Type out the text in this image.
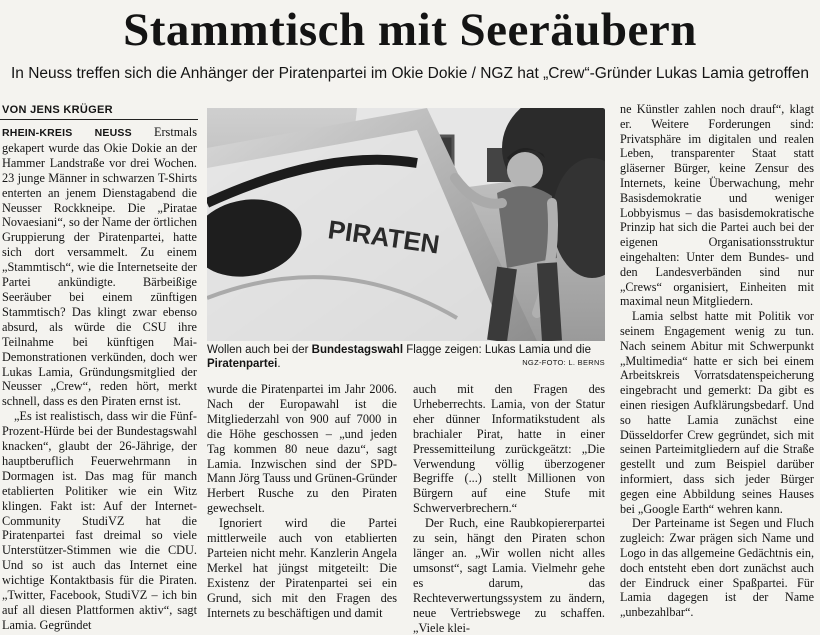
Stammtisch mit Seeräubern

In Neuss treffen sich die Anhänger der Piratenpartei im Okie Dokie / NGZ hat „Crew“-Gründer Lukas Lamia getroffen

VON JENS KRÜGER

RHEIN-KREIS NEUSS Erstmals gekapert wurde das Okie Dokie an der Hammer Landstraße vor drei Wochen. 23 junge Männer in schwarzen T-Shirts enterten an jenem Dienstagabend die Neusser Rockkneipe. Die „Piratae Novaesiani“, so der Name der örtlichen Gruppierung der Piratenpartei, hatte sich dort versammelt. Zu einem „Stammtisch“, wie die Internetseite der Partei ankündigte. Bärbeißige Seeräuber bei einem zünftigen Stammtisch? Das klingt zwar ebenso absurd, als würde die CSU ihre Teilnahme bei künftigen Mai-Demonstrationen verkünden, doch wer Lukas Lamia, Gründungsmitglied der Neusser „Crew“, reden hört, merkt schnell, dass es den Piraten ernst ist.

„Es ist realistisch, dass wir die Fünf-Prozent-Hürde bei der Bundestagswahl knacken“, glaubt der 26-Jährige, der hauptberuflich Feuerwehrmann in Dormagen ist. Das mag für manch etablierten Politiker wie ein Witz klingen. Fakt ist: Auf der Internet-Community StudiVZ hat die Piratenpartei fast dreimal so viele Unterstützer-Stimmen wie die CDU. Und so ist auch das Internet eine wichtige Kontaktbasis für die Piraten. „Twitter, Facebook, StudiVZ – ich bin auf all diesen Plattformen aktiv“, sagt Lamia. Gegründet

PIRATEN
Wollen auch bei der Bundestagswahl Flagge zeigen: Lukas Lamia und die Piratenpartei.	NGZ-FOTO: L. BERNS

wurde die Piratenpartei im Jahr 2006. Nach der Europawahl ist die Mitgliederzahl von 900 auf 7000 in die Höhe geschossen – „und jeden Tag kommen 80 neue dazu“, sagt Lamia. Inzwischen sind der SPD-Mann Jörg Tauss und Grünen-Gründer Herbert Rusche zu den Piraten gewechselt.

Ignoriert wird die Partei mittlerweile auch von etablierten Parteien nicht mehr. Kanzlerin Angela Merkel hat jüngst mitgeteilt: Die Existenz der Piratenpartei sei ein Grund, sich mit den Fragen des Internets zu beschäftigen und damit

auch mit den Fragen des Urheberrechts. Lamia, von der Statur eher dünner Informatikstudent als brachialer Pirat, hatte in einer Pressemitteilung zurückgeätzt: „Die Verwendung völlig überzogener Begriffe (...) stellt Millionen von Bürgern auf eine Stufe mit Schwerverbrechern.“

Der Ruch, eine Raubkopiererpartei zu sein, hängt den Piraten schon länger an. „Wir wollen nicht alles umsonst“, sagt Lamia. Vielmehr gehe es darum, das Rechteverwertungssystem zu ändern, neue Vertriebswege zu schaffen. „Viele klei-

ne Künstler zahlen noch drauf“, klagt er. Weitere Forderungen sind: Privatsphäre im digitalen und realen Leben, transparenter Staat statt gläserner Bürger, keine Zensur des Internets, keine Überwachung, mehr Basisdemokratie und weniger Lobbyismus – das basisdemokratische Prinzip hat sich die Partei auch bei der eigenen Organisationsstruktur eingehalten: Unter dem Bundes- und den Landesverbänden sind nur „Crews“ organisiert, Einheiten mit maximal neun Mitgliedern.

Lamia selbst hatte mit Politik vor seinem Engagement wenig zu tun. Nach seinem Abitur mit Schwerpunkt „Multimedia“ hatte er sich bei einem Arbeitskreis Vorratsdatenspeicherung eingebracht und gemerkt: Da gibt es einen riesigen Aufklärungsbedarf. Und so hatte Lamia zunächst eine Düsseldorfer Crew gegründet, sich mit seinen Parteimitgliedern auf die Straße gestellt und zum Beispiel darüber informiert, dass sich jeder Bürger gegen eine Abbildung seines Hauses bei „Google Earth“ wehren kann.

Der Parteiname ist Segen und Fluch zugleich: Zwar prägen sich Name und Logo in das allgemeine Gedächtnis ein, doch entsteht eben dort zunächst auch der Eindruck einer Spaßpartei. Für Lamia dagegen ist der Name „unbezahlbar“.
